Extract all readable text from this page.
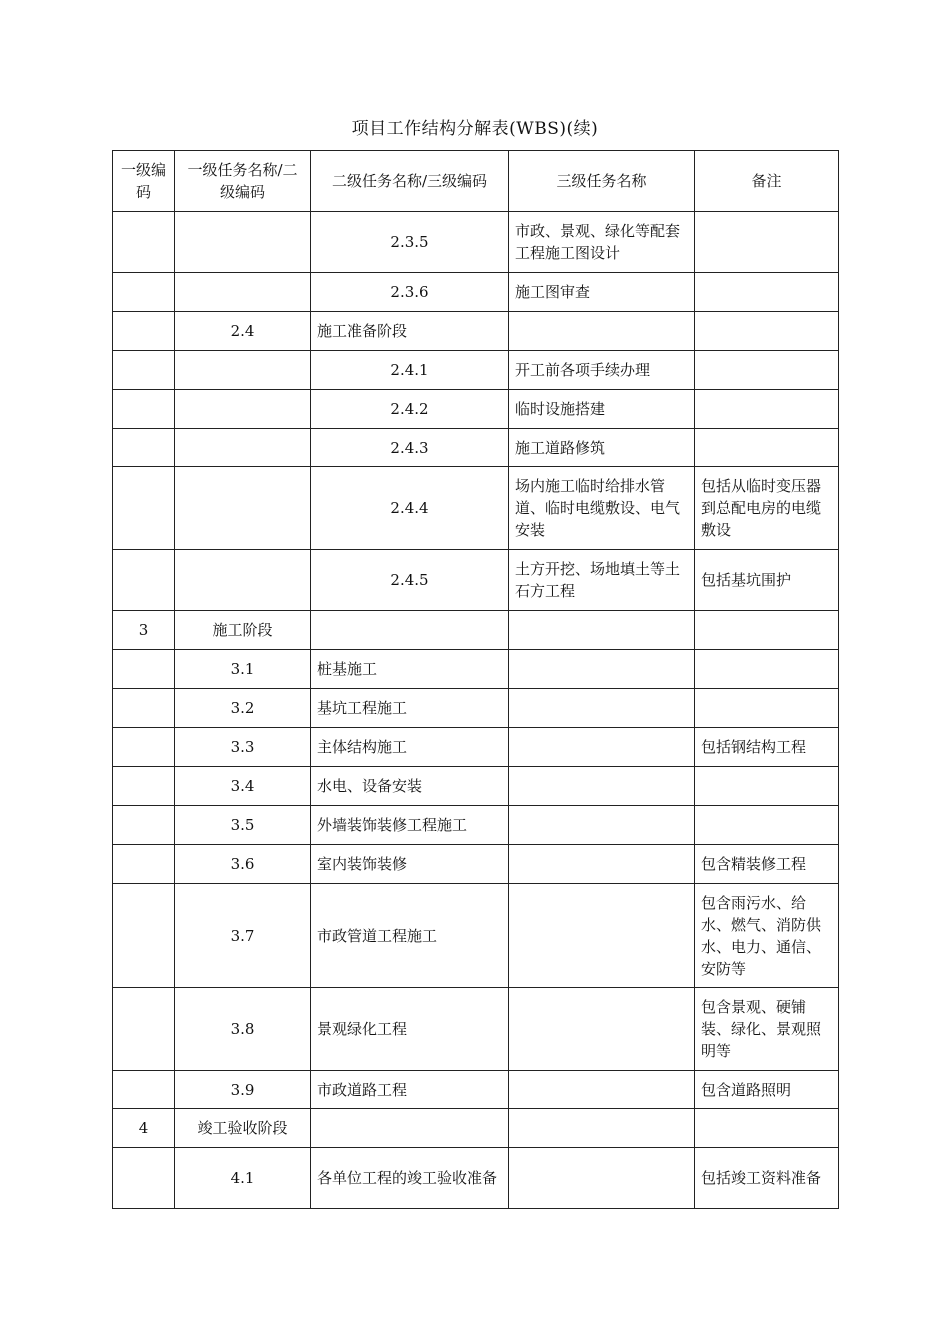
项目工作结构分解表(WBS)(续)
一级编码	一级任务名称/二级编码	二级任务名称/三级编码	三级任务名称	备注
		2.3.5	市政、景观、绿化等配套工程施工图设计	
		2.3.6	施工图审查	
	2.4	施工准备阶段		
		2.4.1	开工前各项手续办理	
		2.4.2	临时设施搭建	
		2.4.3	施工道路修筑	
		2.4.4	场内施工临时给排水管道、临时电缆敷设、电气安装	包括从临时变压器到总配电房的电缆敷设
		2.4.5	土方开挖、场地填土等土石方工程	包括基坑围护
3	施工阶段			
	3.1	桩基施工		
	3.2	基坑工程施工		
	3.3	主体结构施工		包括钢结构工程
	3.4	水电、设备安装		
	3.5	外墙装饰装修工程施工		
	3.6	室内装饰装修		包含精装修工程
	3.7	市政管道工程施工		包含雨污水、给水、燃气、消防供水、电力、通信、安防等
	3.8	景观绿化工程		包含景观、硬铺装、绿化、景观照明等
	3.9	市政道路工程		包含道路照明
4	竣工验收阶段			
	4.1	各单位工程的竣工验收准备		包括竣工资料准备
